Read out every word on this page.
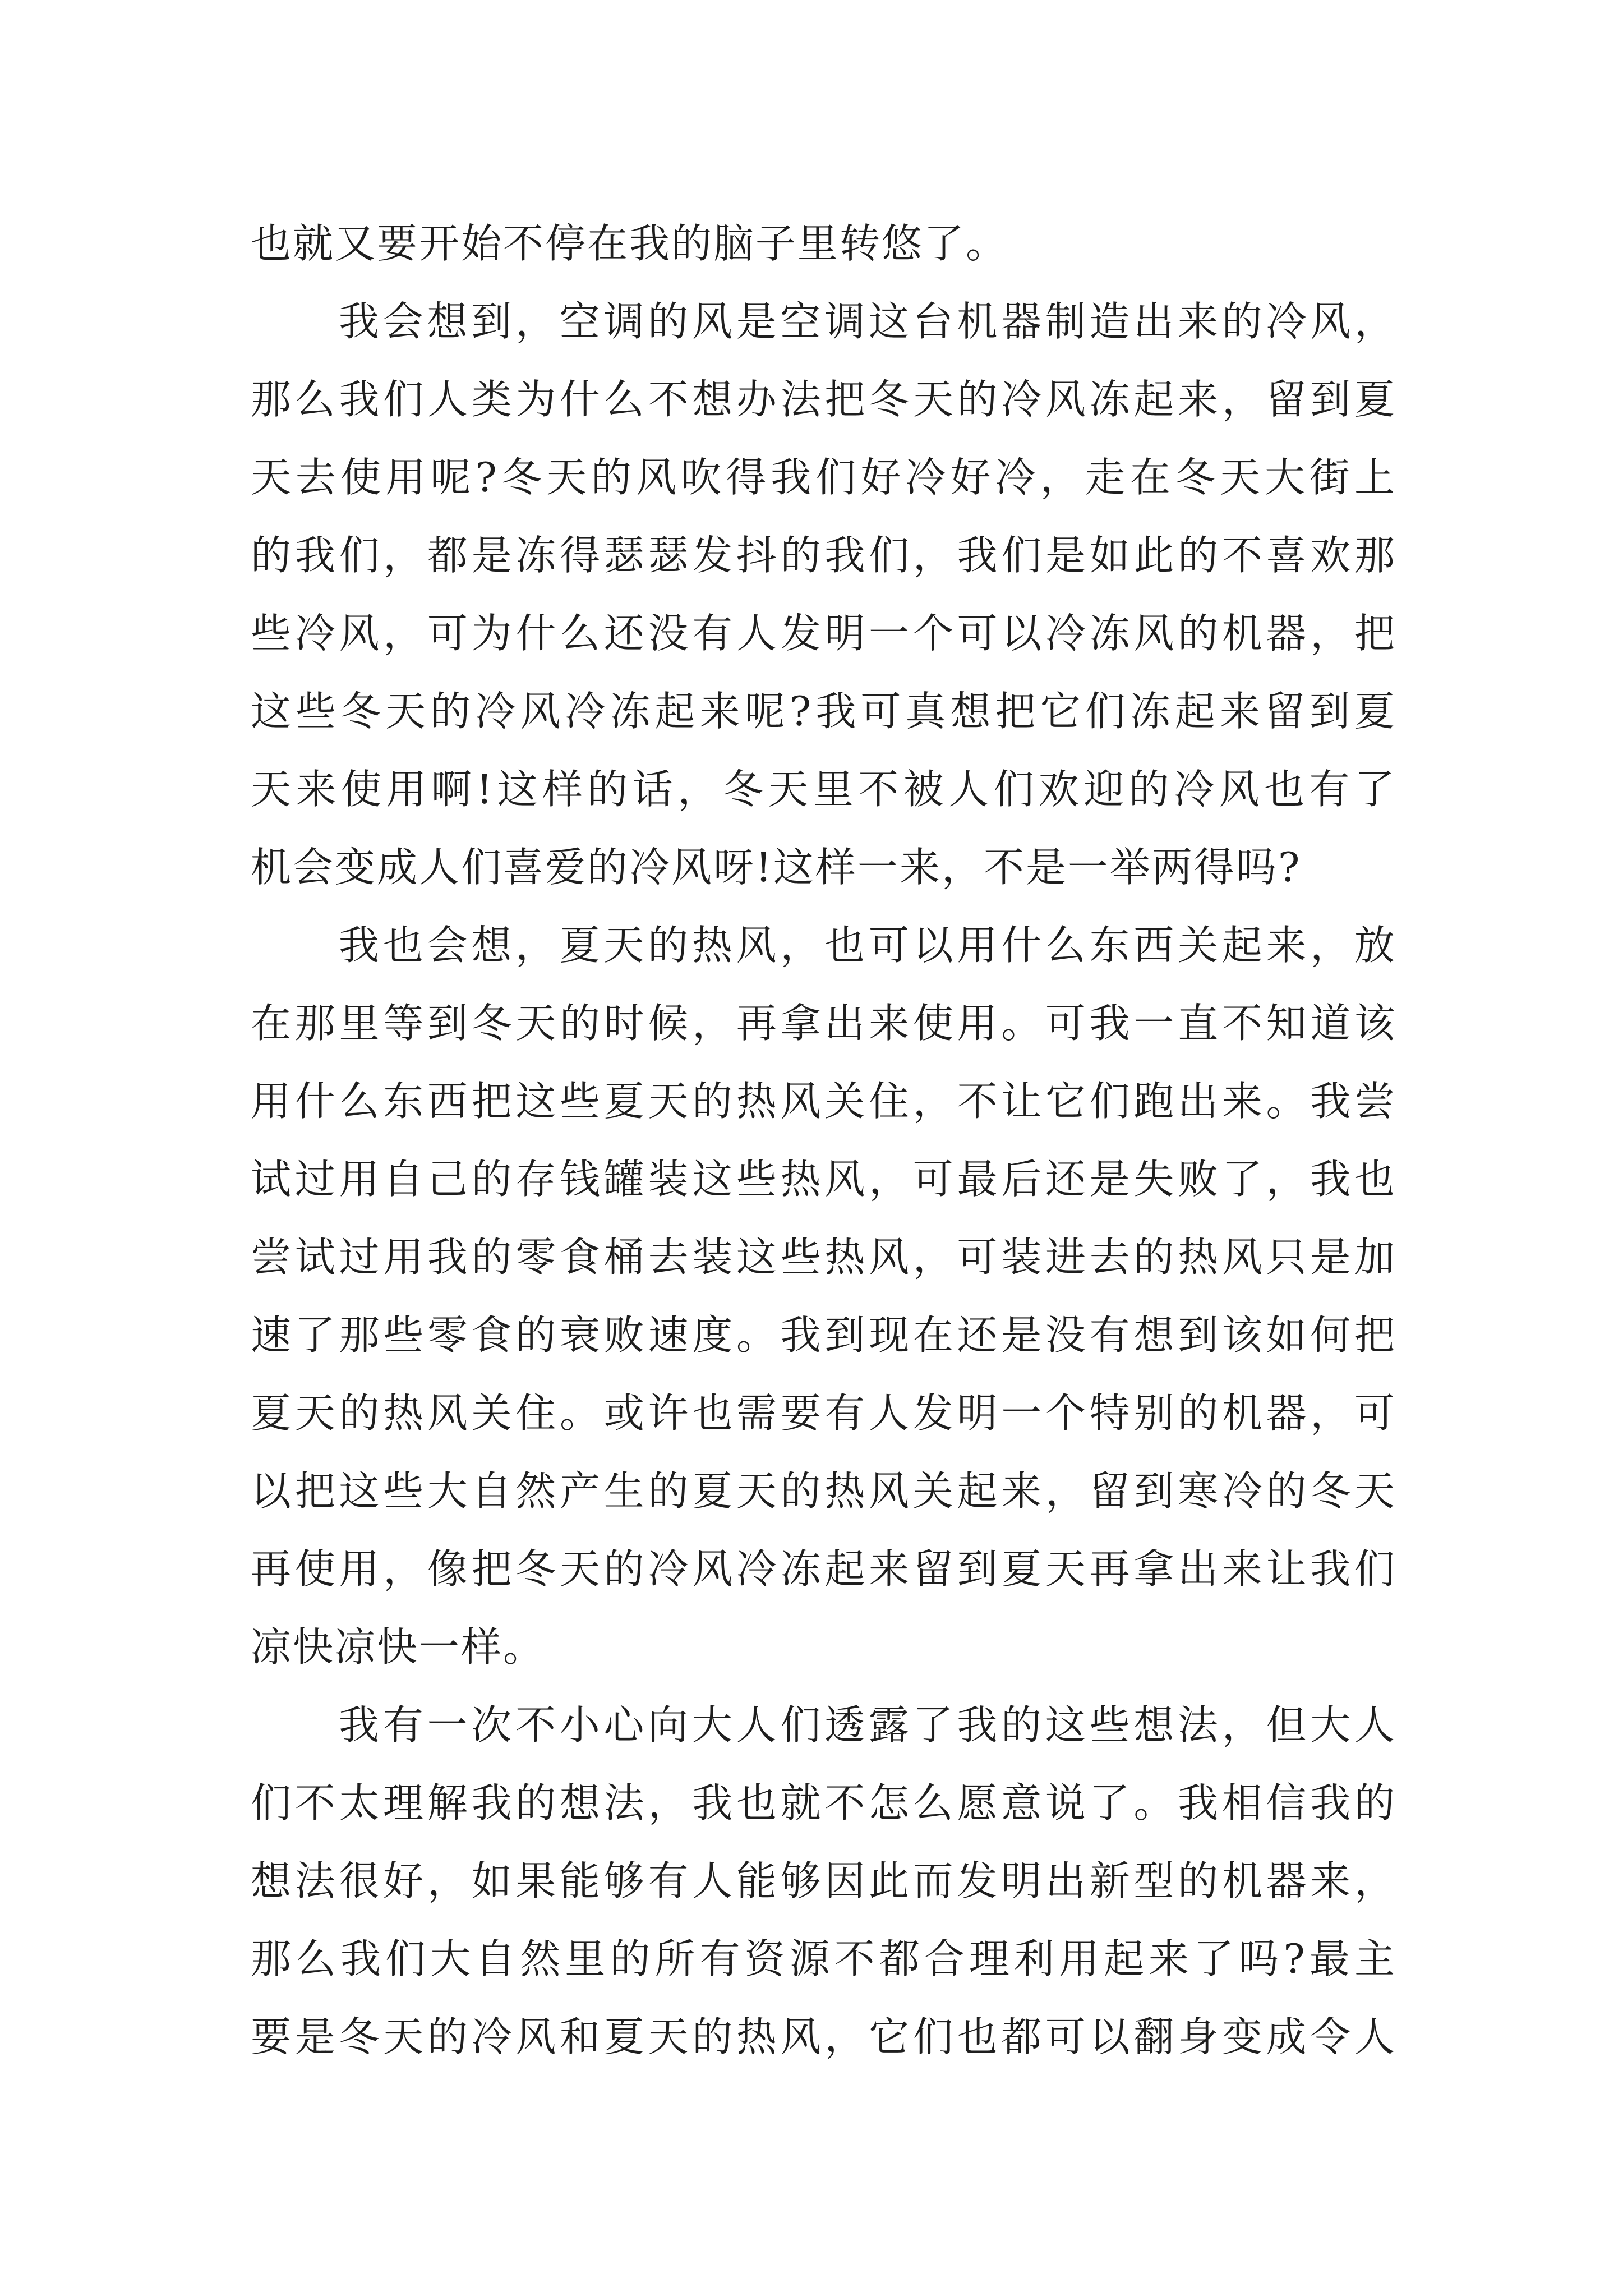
也就又要开始不停在我的脑子里转悠了。
我会想到，空调的风是空调这台机器制造出来的冷风，
那么我们人类为什么不想办法把冬天的冷风冻起来，留到夏
天去使用呢?冬天的风吹得我们好冷好冷，走在冬天大街上
的我们，都是冻得瑟瑟发抖的我们，我们是如此的不喜欢那
些冷风，可为什么还没有人发明一个可以冷冻风的机器，把
这些冬天的冷风冷冻起来呢?我可真想把它们冻起来留到夏
天来使用啊!这样的话，冬天里不被人们欢迎的冷风也有了
机会变成人们喜爱的冷风呀!这样一来，不是一举两得吗?
我也会想，夏天的热风，也可以用什么东西关起来，放
在那里等到冬天的时候，再拿出来使用。可我一直不知道该
用什么东西把这些夏天的热风关住，不让它们跑出来。我尝
试过用自己的存钱罐装这些热风，可最后还是失败了，我也
尝试过用我的零食桶去装这些热风，可装进去的热风只是加
速了那些零食的衰败速度。我到现在还是没有想到该如何把
夏天的热风关住。或许也需要有人发明一个特别的机器，可
以把这些大自然产生的夏天的热风关起来，留到寒冷的冬天
再使用，像把冬天的冷风冷冻起来留到夏天再拿出来让我们
凉快凉快一样。
我有一次不小心向大人们透露了我的这些想法，但大人
们不太理解我的想法，我也就不怎么愿意说了。我相信我的
想法很好，如果能够有人能够因此而发明出新型的机器来，
那么我们大自然里的所有资源不都合理利用起来了吗?最主
要是冬天的冷风和夏天的热风，它们也都可以翻身变成令人
